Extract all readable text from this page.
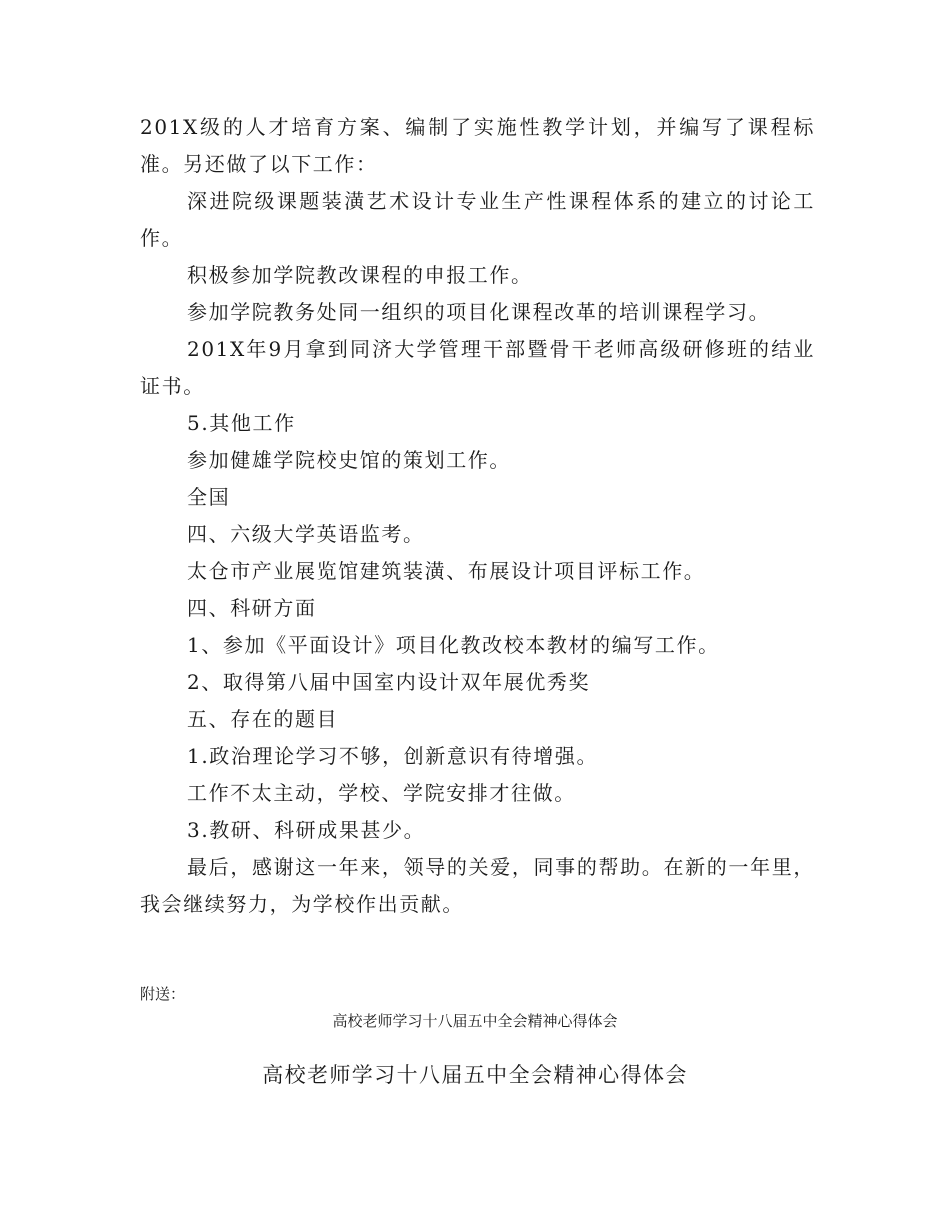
201X级的人才培育方案、编制了实施性教学计划，并编写了课程标准。另还做了以下工作：

深进院级课题装潢艺术设计专业生产性课程体系的建立的讨论工作。

积极参加学院教改课程的申报工作。

参加学院教务处同一组织的项目化课程改革的培训课程学习。

201X年9月拿到同济大学管理干部暨骨干老师高级研修班的结业证书。

5.其他工作

参加健雄学院校史馆的策划工作。

全国

四、六级大学英语监考。

太仓市产业展览馆建筑装潢、布展设计项目评标工作。

四、科研方面

1、参加《平面设计》项目化教改校本教材的编写工作。

2、取得第八届中国室内设计双年展优秀奖

五、存在的题目

1.政治理论学习不够，创新意识有待增强。

工作不太主动，学校、学院安排才往做。

3.教研、科研成果甚少。

最后，感谢这一年来，领导的关爱，同事的帮助。在新的一年里，我会继续努力，为学校作出贡献。

附送：

高校老师学习十八届五中全会精神心得体会

高校老师学习十八届五中全会精神心得体会
